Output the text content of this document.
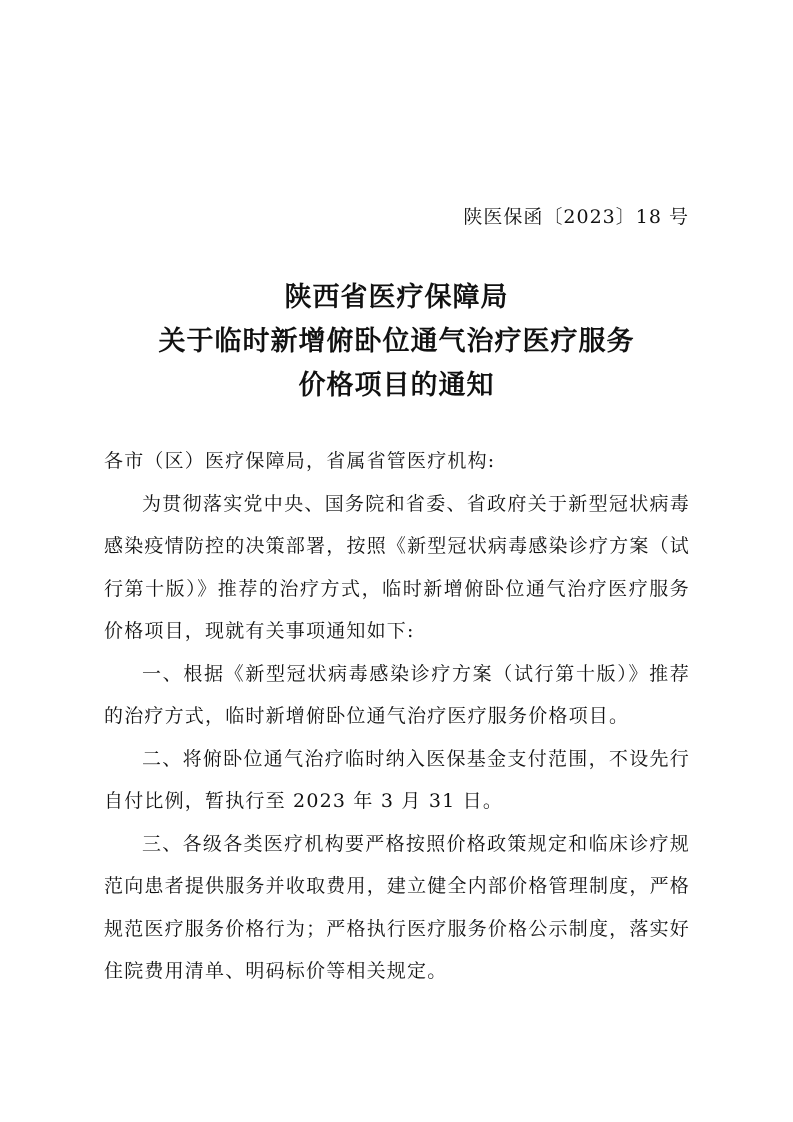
陕医保函〔2023〕18 号
陕西省医疗保障局
关于临时新增俯卧位通气治疗医疗服务
价格项目的通知

各市（区）医疗保障局，省属省管医疗机构:

为贯彻落实党中央、国务院和省委、省政府关于新型冠状病毒感染疫情防控的决策部署，按照《新型冠状病毒感染诊疗方案（试行第十版）》推荐的治疗方式，临时新增俯卧位通气治疗医疗服务价格项目，现就有关事项通知如下:

一、根据《新型冠状病毒感染诊疗方案（试行第十版）》推荐的治疗方式，临时新增俯卧位通气治疗医疗服务价格项目。

二、将俯卧位通气治疗临时纳入医保基金支付范围，不设先行自付比例，暂执行至 2023 年 3 月 31 日。

三、各级各类医疗机构要严格按照价格政策规定和临床诊疗规范向患者提供服务并收取费用，建立健全内部价格管理制度，严格规范医疗服务价格行为；严格执行医疗服务价格公示制度，落实好住院费用清单、明码标价等相关规定。
